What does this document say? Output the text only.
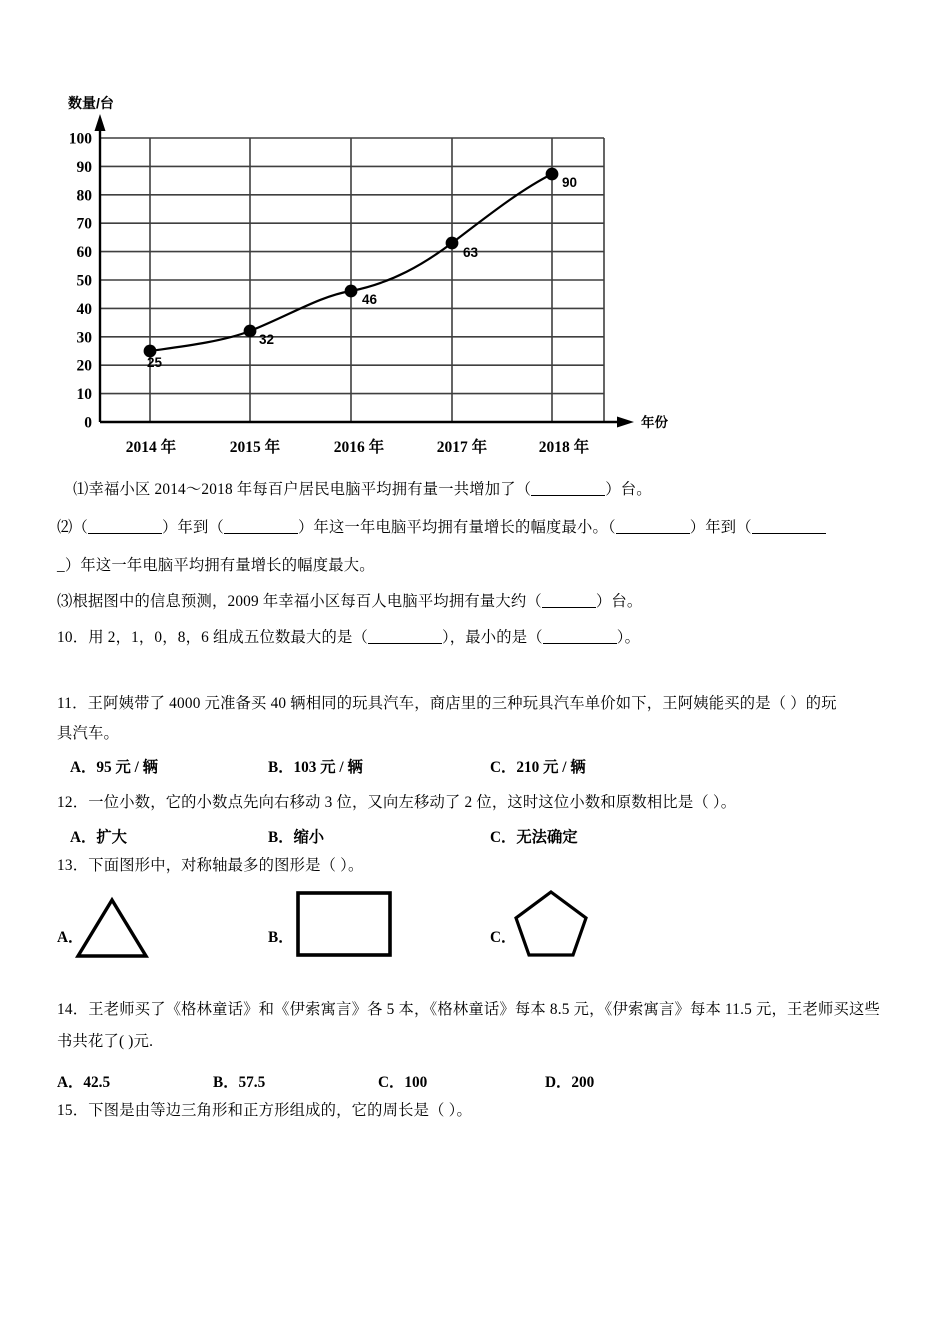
数量/台
年份
0
10
20
30
40
50
60
70
80
90
100
25
32
46
63
90
2014 年	2015 年	2016 年	2017 年	2018 年
⑴幸福小区 2014～2018 年每百户居民电脑平均拥有量一共增加了（	）台。
⑵（	）年到（	）年这一年电脑平均拥有量增长的幅度最小。（	）年到（
_）年这一年电脑平均拥有量增长的幅度最大。
⑶根据图中的信息预测，2009 年幸福小区每百人电脑平均拥有量大约（	）台。
10．用 2，1，0，8，6 组成五位数最大的是（	），最小的是（	）。
11．王阿姨带了 4000 元准备买 40 辆相同的玩具汽车，商店里的三种玩具汽车单价如下，王阿姨能买的是（ ）的玩
具汽车。
A．95 元 / 辆	B．103 元 / 辆	C．210 元 / 辆
12．一位小数，它的小数点先向右移动 3 位，又向左移动了 2 位，这时这位小数和原数相比是（ ）。
A．扩大	B．缩小	C．无法确定
13．下面图形中，对称轴最多的图形是（ ）。
A．	B．	C．
14．王老师买了《格林童话》和《伊索寓言》各 5 本，《格林童话》每本 8.5 元，《伊索寓言》每本 11.5 元，王老师买这些
书共花了( )元.
A．42.5	B．57.5	C．100	D．200
15．下图是由等边三角形和正方形组成的，它的周长是（ ）。
